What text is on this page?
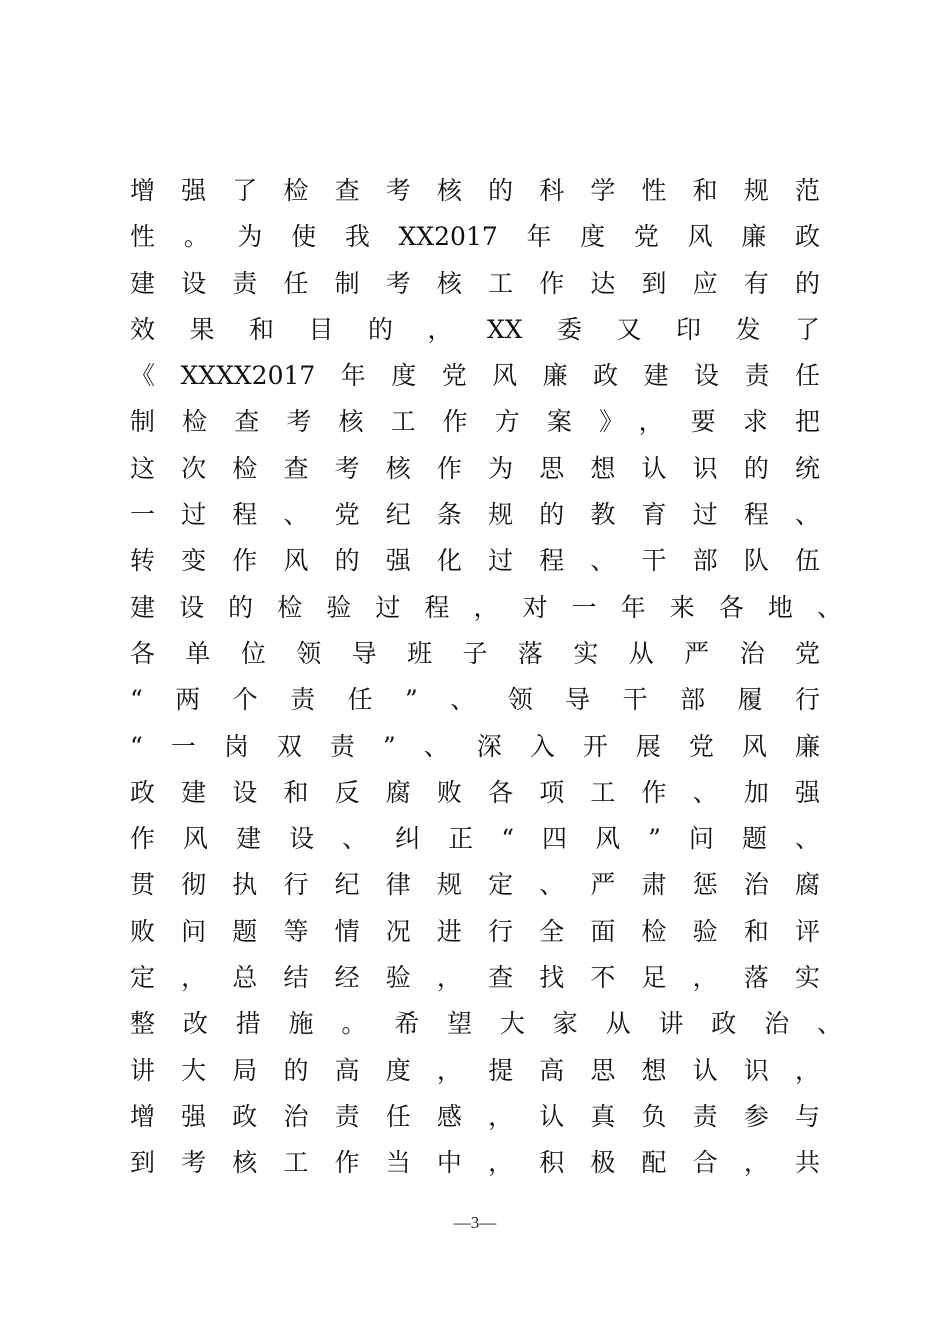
增强了检查考核的科学性和规范
性。为使我XX2017年度党风廉政
建设责任制考核工作达到应有的
效果和目的，XX委又印发了
《XXXX2017年度党风廉政建设责任
制检查考核工作方案》，要求把
这次检查考核作为思想认识的统
一过程、党纪条规的教育过程、
转变作风的强化过程、干部队伍
建设的检验过程，对一年来各地、
各单位领导班子落实从严治党
“两个责任”、领导干部履行
“一岗双责”、深入开展党风廉
政建设和反腐败各项工作、加强
作风建设、纠正“四风”问题、
贯彻执行纪律规定、严肃惩治腐
败问题等情况进行全面检验和评
定，总结经验，查找不足，落实
整改措施。希望大家从讲政治、
讲大局的高度，提高思想认识，
增强政治责任感，认真负责参与
到考核工作当中，积极配合，共
—3—
